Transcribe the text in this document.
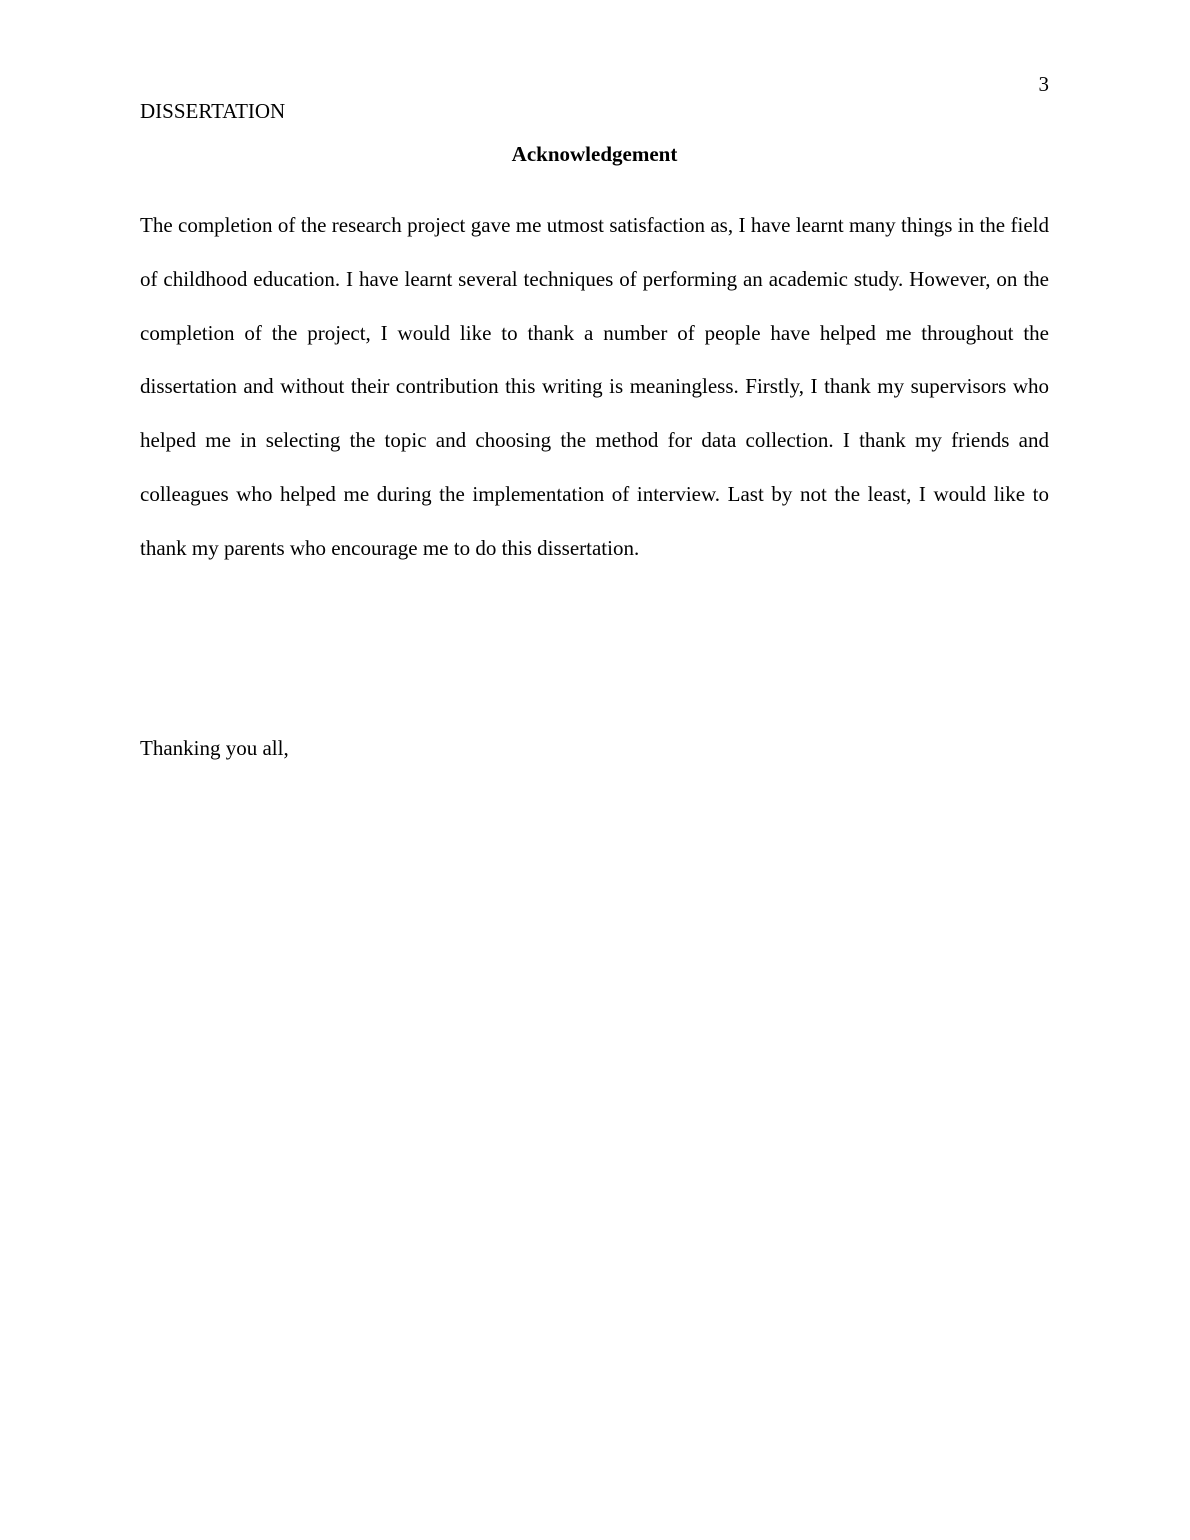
3
DISSERTATION
Acknowledgement

The completion of the research project gave me utmost satisfaction as, I have learnt many things in the field of childhood education. I have learnt several techniques of performing an academic study. However, on the completion of the project, I would like to thank a number of people have helped me throughout the dissertation and without their contribution this writing is meaningless. Firstly, I thank my supervisors who helped me in selecting the topic and choosing the method for data collection. I thank my friends and colleagues who helped me during the implementation of interview. Last by not the least, I would like to thank my parents who encourage me to do this dissertation.

Thanking you all,
